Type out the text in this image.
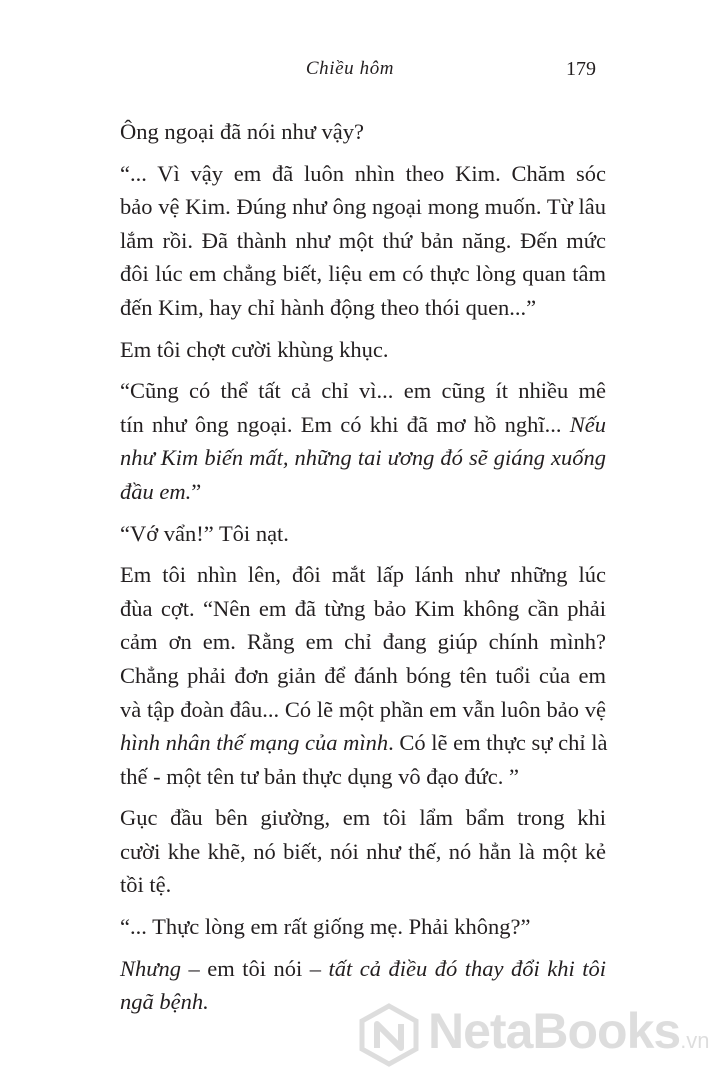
Chiều hôm	179

Ông ngoại đã nói như vậy?

“... Vì vậy em đã luôn nhìn theo Kim. Chăm sóc
bảo vệ Kim. Đúng như ông ngoại mong muốn. Từ lâu
lắm rồi. Đã thành như một thứ bản năng. Đến mức
đôi lúc em chẳng biết, liệu em có thực lòng quan tâm
đến Kim, hay chỉ hành động theo thói quen...”

Em tôi chợt cười khùng khục.

“Cũng có thể tất cả chỉ vì... em cũng ít nhiều mê
tín như ông ngoại. Em có khi đã mơ hồ nghĩ... Nếu
như Kim biến mất, những tai ương đó sẽ giáng xuống
đầu em.”

“Vớ vẩn!” Tôi nạt.

Em tôi nhìn lên, đôi mắt lấp lánh như những lúc
đùa cợt. “Nên em đã từng bảo Kim không cần phải
cảm ơn em. Rằng em chỉ đang giúp chính mình?
Chẳng phải đơn giản để đánh bóng tên tuổi của em
và tập đoàn đâu... Có lẽ một phần em vẫn luôn bảo vệ
hình nhân thế mạng của mình. Có lẽ em thực sự chỉ là
thế - một tên tư bản thực dụng vô đạo đức. ”

Gục đầu bên giường, em tôi lẩm bẩm trong khi
cười khe khẽ, nó biết, nói như thế, nó hẳn là một kẻ
tồi tệ.

“... Thực lòng em rất giống mẹ. Phải không?”

Nhưng – em tôi nói – tất cả điều đó thay đổi khi tôi
ngã bệnh.

NetaBooks.vn
